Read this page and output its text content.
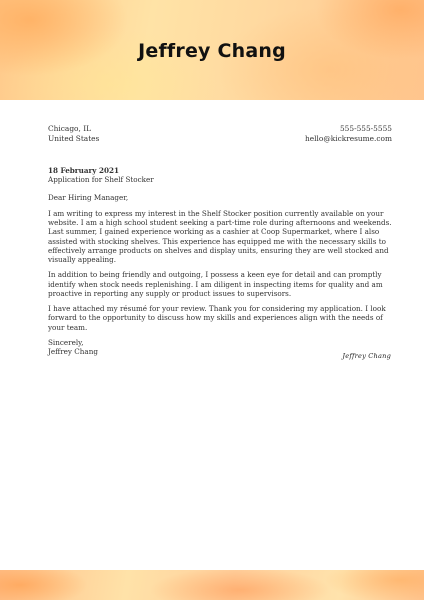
Jeffrey Chang
Chicago, IL
United States
555-555-5555
hello@kickresume.com

18 February 2021

Application for Shelf Stocker

Dear Hiring Manager,

I am writing to express my interest in the Shelf Stocker position currently available on your website. I am a high school student seeking a part-time role during afternoons and weekends. Last summer, I gained experience working as a cashier at Coop Supermarket, where I also assisted with stocking shelves. This experience has equipped me with the necessary skills to effectively arrange products on shelves and display units, ensuring they are well stocked and visually appealing.

In addition to being friendly and outgoing, I possess a keen eye for detail and can promptly identify when stock needs replenishing. I am diligent in inspecting items for quality and am proactive in reporting any supply or product issues to supervisors.

I have attached my résumé for your review. Thank you for considering my application. I look forward to the opportunity to discuss how my skills and experiences align with the needs of your team.

Sincerely,

Jeffrey Chang	Jeffrey Chang
